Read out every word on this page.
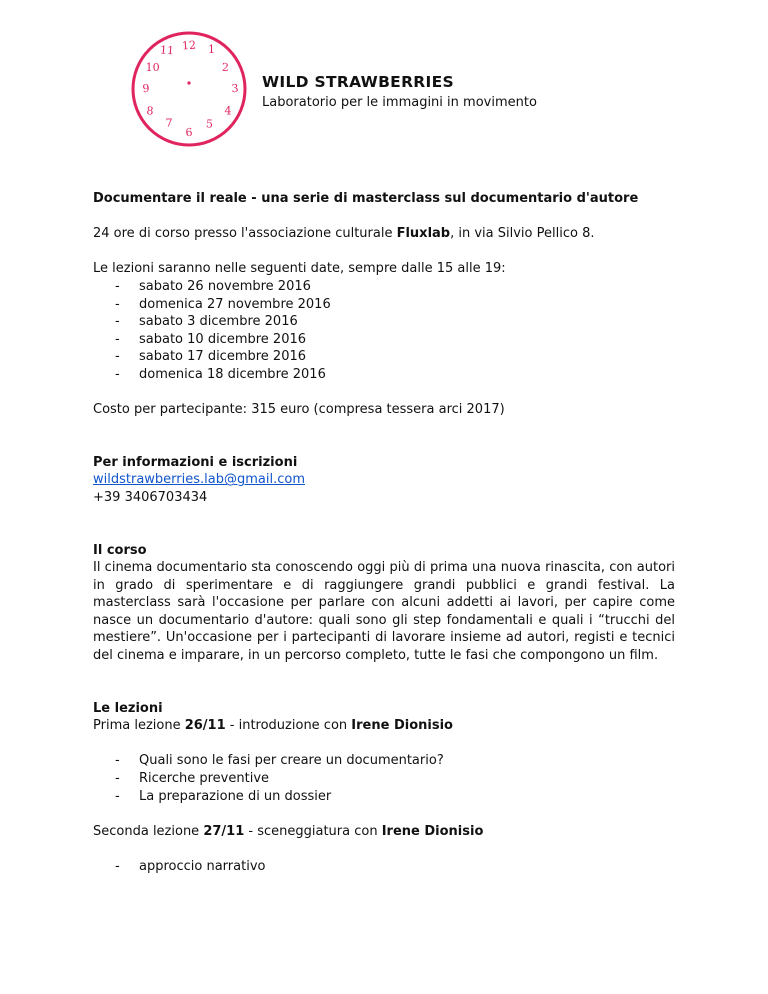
12 1
2
3
4
5
6
7
8
9
10
11

WILD STRAWBERRIES

Laboratorio per le immagini in movimento

Documentare il reale - una serie di masterclass sul documentario d'autore

24 ore di corso presso l'associazione culturale Fluxlab, in via Silvio Pellico 8.

Le lezioni saranno nelle seguenti date, sempre dalle 15 alle 19:

- sabato 26 novembre 2016
- domenica 27 novembre 2016
- sabato 3 dicembre 2016
- sabato 10 dicembre 2016
- sabato 17 dicembre 2016
- domenica 18 dicembre 2016

Costo per partecipante: 315 euro (compresa tessera arci 2017)

Per informazioni e iscrizioni

wildstrawberries.lab@gmail.com

+39 3406703434

Il corso

Il cinema documentario sta conoscendo oggi più di prima una nuova rinascita, con autori in grado di sperimentare e di raggiungere grandi pubblici e grandi festival. La masterclass sarà l'occasione per parlare con alcuni addetti ai lavori, per capire come nasce un documentario d'autore: quali sono gli step fondamentali e quali i “trucchi del mestiere”. Un'occasione per i partecipanti di lavorare insieme ad autori, registi e tecnici del cinema e imparare, in un percorso completo, tutte le fasi che compongono un film.

Le lezioni

Prima lezione 26/11 - introduzione con Irene Dionisio

- Quali sono le fasi per creare un documentario?
- Ricerche preventive
- La preparazione di un dossier

Seconda lezione 27/11 - sceneggiatura con Irene Dionisio

- approccio narrativo
